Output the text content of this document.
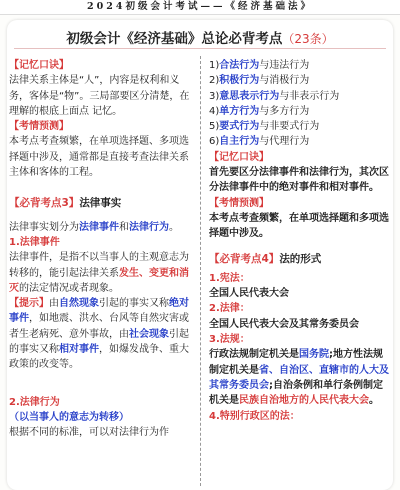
2024初级会计考试——《经济基础法》
初级会计《经济基础》总论必背考点（23条）

【记忆口诀】

法律关系主体是“人”，内容是权利和义务，客体是“物”。三局部要区分清楚，在理解的根底上面点 记忆。

【考情预测】

本考点考查频繁，在单项选择题、多项选择题中涉及，通常都是直接考查法律关系主体和客体的工程。

【必背考点3】法律事实

法律事实划分为法律事件和法律行为。

1.法律事件

法律事件，是指不以当事人的主观意志为转移的，能引起法律关系发生、变更和消灭的法定情况或者现象。

【提示】由自然现象引起的事实又称绝对事件，如地震、洪水、台风等自然灾害或者生老病死、意外事故，由社会现象引起的事实又称相对事件，如爆发战争、重大政策的改变等。

2.法律行为

（以当事人的意志为转移）

根据不同的标准，可以对法律行为作

1)合法行为与违法行为

2)积极行为与消极行为

3)意思表示行为与非表示行为

4)单方行为与多方行为

5)要式行为与非要式行为

6)自主行为与代理行为

【记忆口诀】

首先要区分法律事件和法律行为，其次区分法律事件中的绝对事件和相对事件。

【考情预测】

本考点考查频繁，在单项选择题和多项选择题中涉及。

【必背考点4】法的形式

1.宪法：

全国人民代表大会

2.法律：

全国人民代表大会及其常务委员会

3.法规：

行政法规制定机关是国务院;地方性法规制定机关是省、自治区、直辖市的人大及其常务委员会;自治条例和单行条例制定机关是民族自治地方的人民代表大会。

4.特别行政区的法：
